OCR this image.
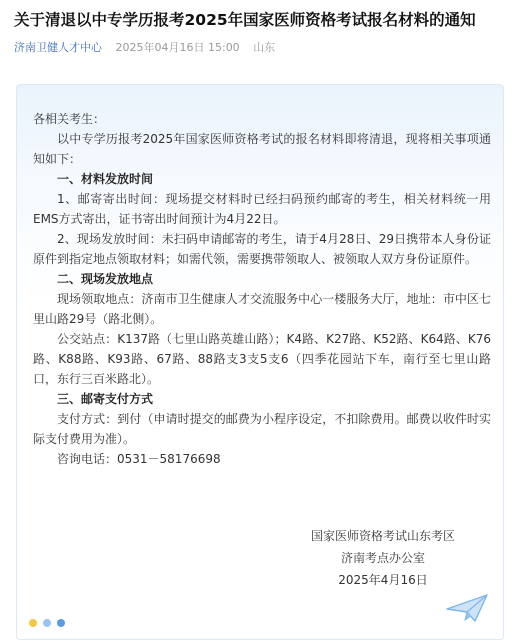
关于清退以中专学历报考2025年国家医师资格考试报名材料的通知
济南卫健人才中心 2025年04月16日 15:00 山东

各相关考生：

以中专学历报考2025年国家医师资格考试的报名材料即将清退，现将相关事项通知如下：

一、材料发放时间

1、邮寄寄出时间：现场提交材料时已经扫码预约邮寄的考生，相关材料统一用EMS方式寄出，证书寄出时间预计为4月22日。

2、现场发放时间：未扫码申请邮寄的考生，请于4月28日、29日携带本人身份证原件到指定地点领取材料；如需代领，需要携带领取人、被领取人双方身份证原件。

二、现场发放地点

现场领取地点：济南市卫生健康人才交流服务中心一楼服务大厅，地址：市中区七里山路29号（路北侧）。

公交站点：K137路（七里山路英雄山路）；K4路、K27路、K52路、K64路、K76路、K88路、K93路、67路、88路支3支5支6（四季花园站下车，南行至七里山路口，东行三百米路北）。

三、邮寄支付方式

支付方式：到付（申请时提交的邮费为小程序设定，不扣除费用。邮费以收件时实际支付费用为准）。

咨询电话：0531－58176698

国家医师资格考试山东考区
济南考点办公室
2025年4月16日
